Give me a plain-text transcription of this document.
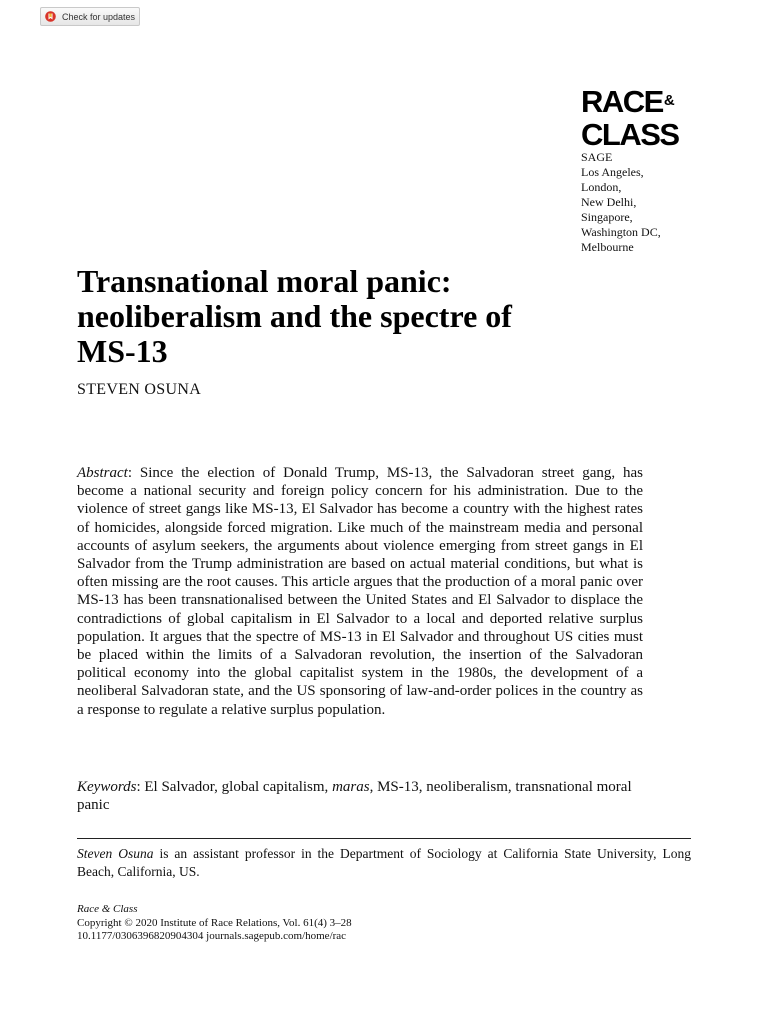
Check for updates
RACE&
CLASS
SAGE
Los Angeles,
London,
New Delhi,
Singapore,
Washington DC,
Melbourne
Transnational moral panic:
neoliberalism and the spectre of
MS-13
STEVEN OSUNA

Abstract: Since the election of Donald Trump, MS-13, the Salvadoran street gang, has become a national security and foreign policy concern for his administration. Due to the violence of street gangs like MS-13, El Salvador has become a country with the highest rates of homicides, alongside forced migration. Like much of the mainstream media and personal accounts of asylum seekers, the arguments about violence emerging from street gangs in El Salvador from the Trump administration are based on actual material conditions, but what is often missing are the root causes. This article argues that the production of a moral panic over MS-13 has been transnationalised between the United States and El Salvador to displace the contradictions of global capitalism in El Salvador to a local and deported relative surplus population. It argues that the spectre of MS-13 in El Salvador and throughout US cities must be placed within the limits of a Salvadoran revolution, the insertion of the Salvadoran political economy into the global capitalist system in the 1980s, the development of a neoliberal Salvadoran state, and the US sponsoring of law-and-order polices in the country as a response to regulate a relative surplus population.

Keywords: El Salvador, global capitalism, maras, MS-13, neoliberalism, transnational moral panic

Steven Osuna is an assistant professor in the Department of Sociology at California State University, Long Beach, California, US.

Race & Class
Copyright © 2020 Institute of Race Relations, Vol. 61(4) 3–28
10.1177/0306396820904304 journals.sagepub.com/home/rac
